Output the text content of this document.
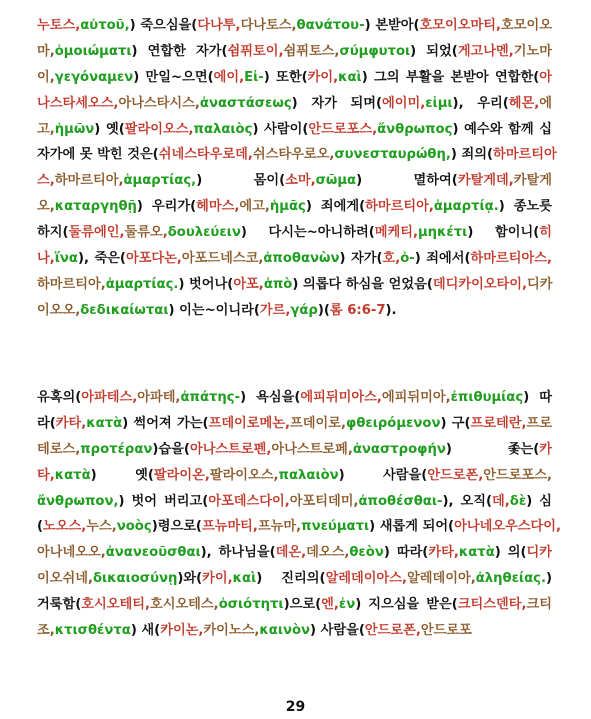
누토스,αὐτοῦ,) 죽으심을(다나투,다나토스,θανάτου-) 본받아(호모이오마티,호모이오
마,ὁμοιώματι) 연합한 자가(쉼퓌토이,쉼퓌토스,σύμφυτοι) 되었(게고나멘,기노마
이,γεγόναμεν) 만일~으면(에이,Εἰ-) 또한(카이,καὶ) 그의 부활을 본받아 연합한(아
나스타세오스,아나스타시스,ἀναστάσεως) 자가 되며(에이미,εἰμι), 우리(헤몬,에
고,ἡμῶν) 옛(팔라이오스,παλαιὸς) 사람이(안드로포스,ἄνθρωπος) 예수와 함께 십
자가에 못 박힌 것은(쉬네스타우로데,쉬스타우로오,συνεσταυρώθη,) 죄의(하마르티아
스,하마르티아,ἁμαρτίας,) 몸이(소마,σῶμα) 멸하여(카탈게데,카탈게
오,καταργηθῇ) 우리가(헤마스,에고,ἡμᾶς) 죄에게(하마르티아,ἁμαρτίᾳ.) 종노릇
하지(둘류에인,둘류오,δουλεύειν) 다시는~아니하려(메케티,μηκέτι) 함이니(히
나,ἵνα), 죽은(아포다논,아포드네스코,ἀποθανὼν) 자가(호,ὁ-) 죄에서(하마르티아스,
하마르티아,ἁμαρτίας.) 벗어나(아포,ἀπὸ) 의롭다 하심을 얻었음(데디카이오타이,디카
이오오,δεδικαίωται) 이는~이니라(가르,γάρ)(롬 6:6-7).
유혹의(아파테스,아파테,ἀπάτης-) 욕심을(에피뒤미아스,에피뒤미아,ἐπιθυμίας) 따
라(카타,κατὰ) 썩어져 가는(프데이로메논,프데이로,φθειρόμενον) 구(프로테란,프로
테로스,προτέραν)습을(아나스트로펜,아나스트로페,ἀναστροφήν) 좇는(카
타,κατὰ) 옛(팔라이온,팔라이오스,παλαιὸν) 사람을(안드로폰,안드로포스,
ἄνθρωπον,) 벗어 버리고(아포데스다이,아포티데미,ἀποθέσθαι-), 오직(데,δὲ) 심
(노오스,누스,νοὸς)령으로(프뉴마티,프뉴마,πνεύματι) 새롭게 되어(아나네오우스다이,
아나네오오,ἀνανεοῦσθαι), 하나님을(데온,데오스,θεὸν) 따라(카타,κατὰ) 의(디카
이오쉬네,δικαιοσύνῃ)와(카이,καὶ) 진리의(알레데이아스,알레데이아,ἀληθείας.)
거룩함(호시오테티,호시오테스,ὁσιότητι)으로(엔,ἐν) 지으심을 받은(크티스덴타,크티
조,κτισθέντα) 새(카이논,카이노스,καινὸν) 사람을(안드로폰,안드로포
29
